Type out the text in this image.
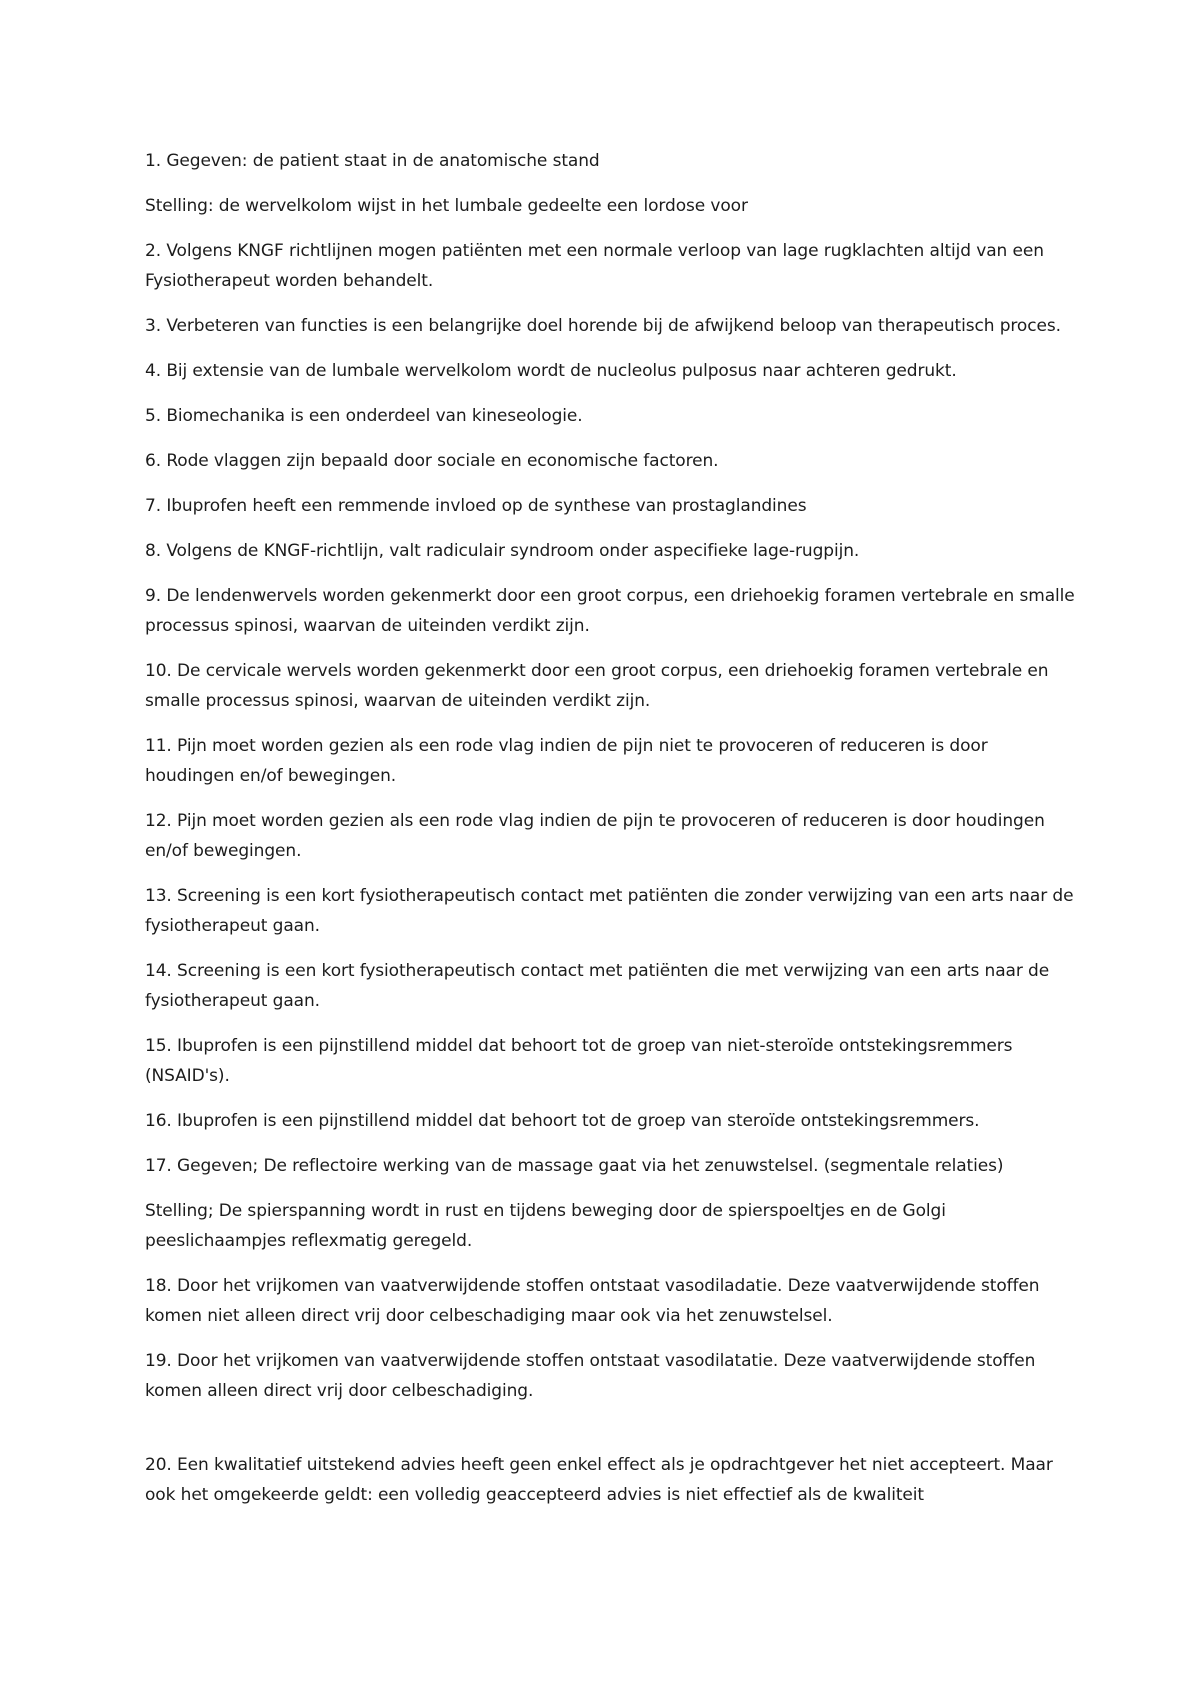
1. Gegeven: de patient staat in de anatomische stand

Stelling: de wervelkolom wijst in het lumbale gedeelte een lordose voor

2. Volgens KNGF richtlijnen mogen patiënten met een normale verloop van lage rugklachten altijd van een Fysiotherapeut worden behandelt.

3. Verbeteren van functies is een belangrijke doel horende bij de afwijkend beloop van therapeutisch proces.

4. Bij extensie van de lumbale wervelkolom wordt de nucleolus pulposus naar achteren gedrukt.

5. Biomechanika is een onderdeel van kineseologie.

6. Rode vlaggen zijn bepaald door sociale en economische factoren.

7. Ibuprofen heeft een remmende invloed op de synthese van prostaglandines

8. Volgens de KNGF-richtlijn, valt radiculair syndroom onder aspecifieke lage-rugpijn.

9. De lendenwervels worden gekenmerkt door een groot corpus, een driehoekig foramen vertebrale en smalle processus spinosi, waarvan de uiteinden verdikt zijn.

10. De cervicale wervels worden gekenmerkt door een groot corpus, een driehoekig foramen vertebrale en smalle processus spinosi, waarvan de uiteinden verdikt zijn.

11. Pijn moet worden gezien als een rode vlag indien de pijn niet te provoceren of reduceren is door houdingen en/of bewegingen.

12. Pijn moet worden gezien als een rode vlag indien de pijn te provoceren of reduceren is door houdingen en/of bewegingen.

13. Screening is een kort fysiotherapeutisch contact met patiënten die zonder verwijzing van een arts naar de fysiotherapeut gaan.

14. Screening is een kort fysiotherapeutisch contact met patiënten die met verwijzing van een arts naar de fysiotherapeut gaan.

15. Ibuprofen is een pijnstillend middel dat behoort tot de groep van niet-steroïde ontstekingsremmers (NSAID's).

16. Ibuprofen is een pijnstillend middel dat behoort tot de groep van steroïde ontstekingsremmers.

17. Gegeven; De reflectoire werking van de massage gaat via het zenuwstelsel. (segmentale relaties)

Stelling; De spierspanning wordt in rust en tijdens beweging door de spierspoeltjes en de Golgi peeslichaampjes reflexmatig geregeld.

18. Door het vrijkomen van vaatverwijdende stoffen ontstaat vasodiladatie. Deze vaatverwijdende stoffen komen niet alleen direct vrij door celbeschadiging maar ook via het zenuwstelsel.

19. Door het vrijkomen van vaatverwijdende stoffen ontstaat vasodilatatie. Deze vaatverwijdende stoffen komen alleen direct vrij door celbeschadiging.

20. Een kwalitatief uitstekend advies heeft geen enkel effect als je opdrachtgever het niet accepteert. Maar ook het omgekeerde geldt: een volledig geaccepteerd advies is niet effectief als de kwaliteit
